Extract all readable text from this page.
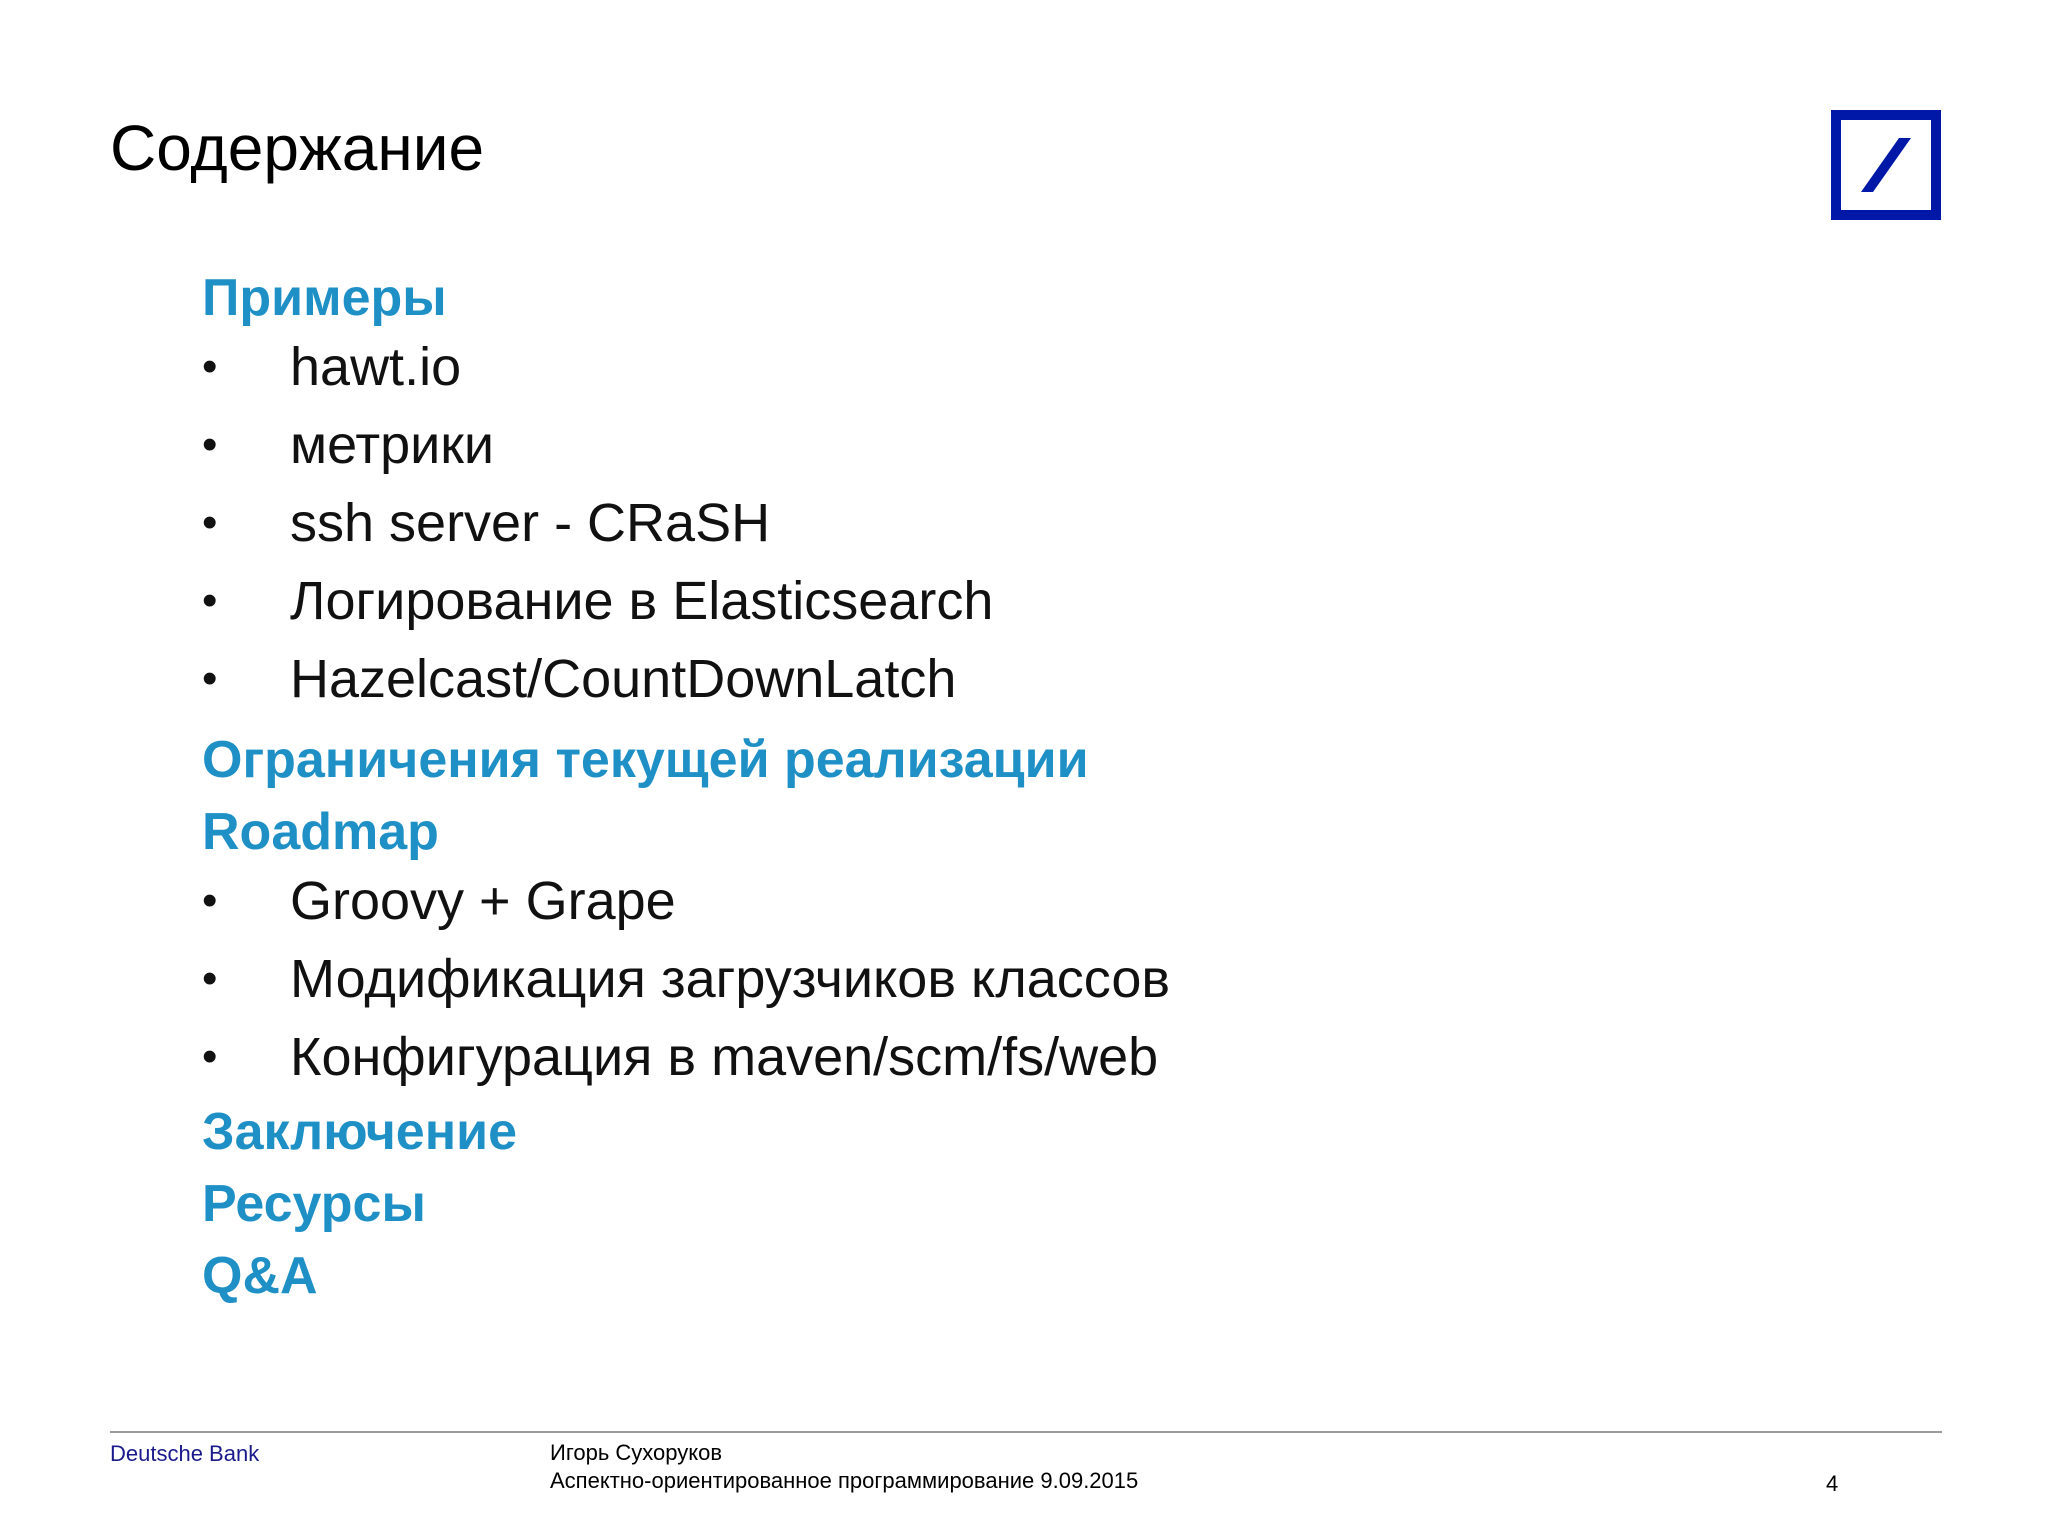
Содержание
Примеры
• hawt.io
• метрики
• ssh server - CRaSH
• Логирование в Elasticsearch
• Hazelcast/CountDownLatch
Ограничения текущей реализации
Roadmap
• Groovy + Grape
• Модификация загрузчиков классов
• Конфигурация в maven/scm/fs/web
Заключение
Ресурсы
Q&A
Deutsche Bank	Игорь Сухоруков
Аспектно-ориентированное программирование 9.09.2015	4
